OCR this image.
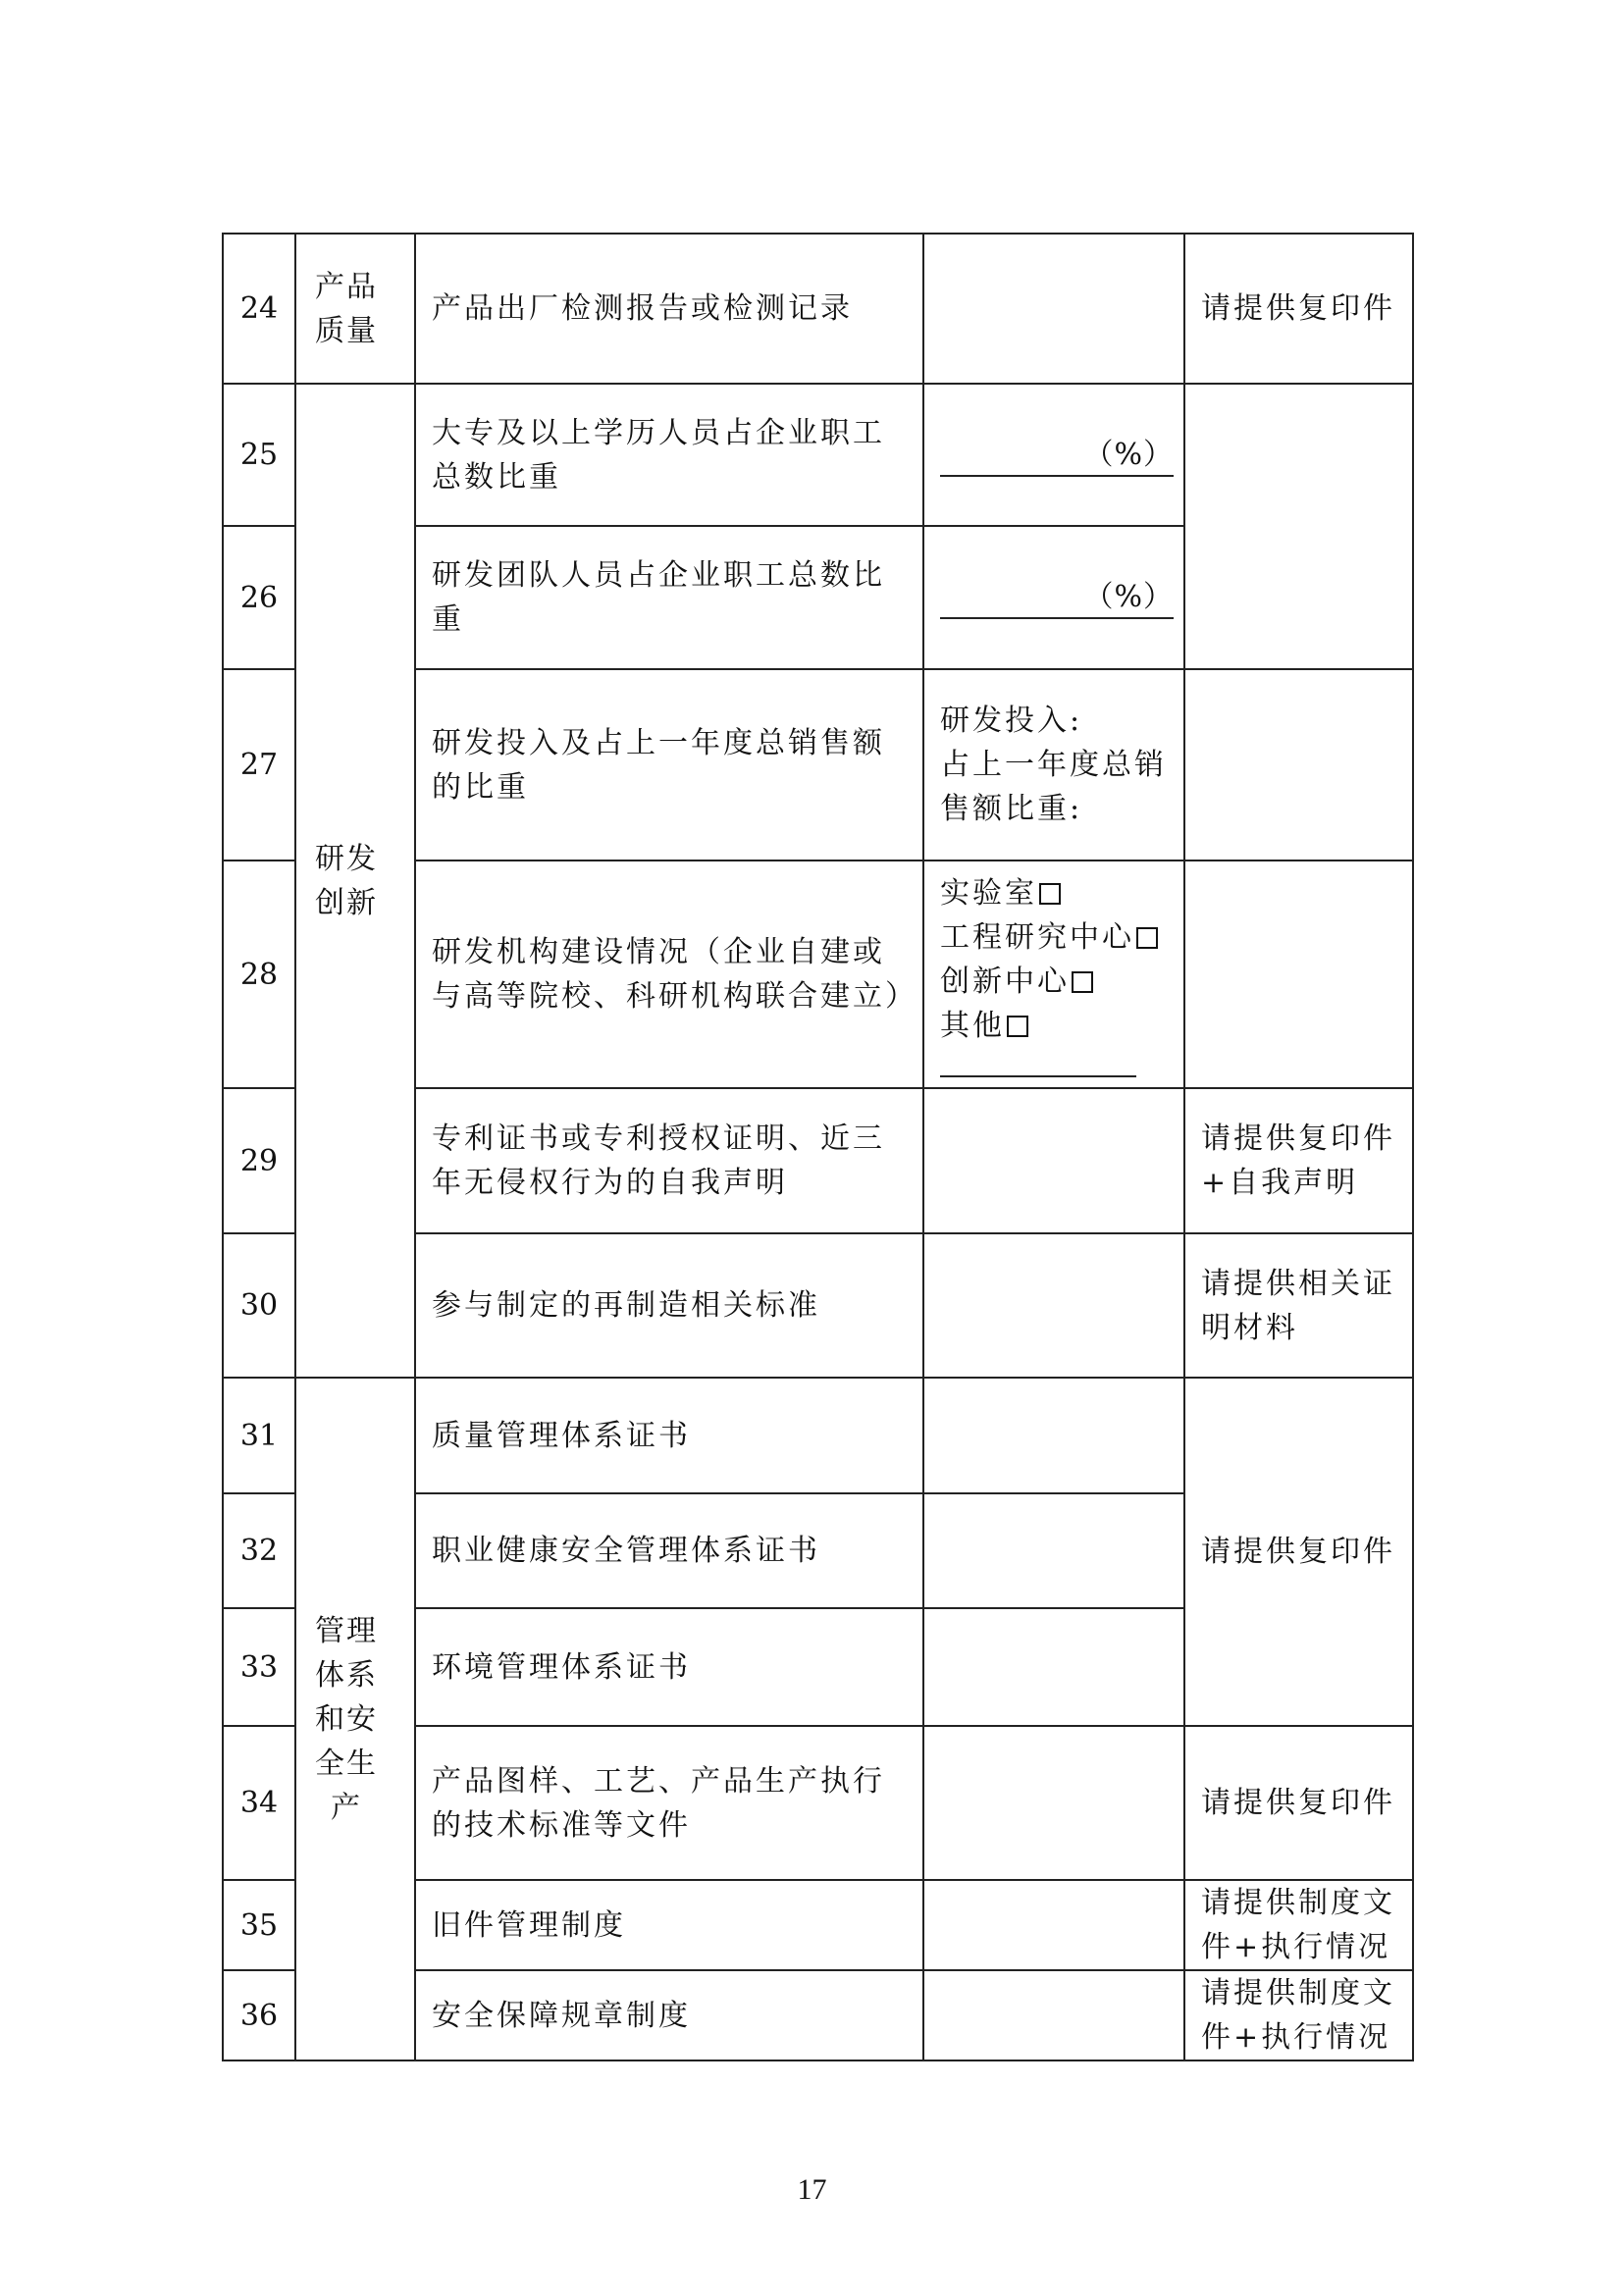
24	产品质量	产品出厂检测报告或检测记录		请提供复印件
25	研发创新	大专及以上学历人员占企业职工总数比重	（%）	

26		研发团队人员占企业职工总数比重	（%）	

27		研发投入及占上一年度总销售额的比重	研发投入:
占上一年度总销售额比重:	

28		研发机构建设情况（企业自建或与高等院校、科研机构联合建立）	实验室
工程研究中心
创新中心
其他	

29		专利证书或专利授权证明、近三年无侵权行为的自我声明		请提供复印件+自我声明
30		参与制定的再制造相关标准		请提供相关证明材料
31	管理体系和安全生产	质量管理体系证书		请提供复印件
32		职业健康安全管理体系证书		
33		环境管理体系证书		
34		产品图样、工艺、产品生产执行的技术标准等文件		请提供复印件
35		旧件管理制度		请提供制度文件+执行情况
36		安全保障规章制度		请提供制度文件+执行情况
17
